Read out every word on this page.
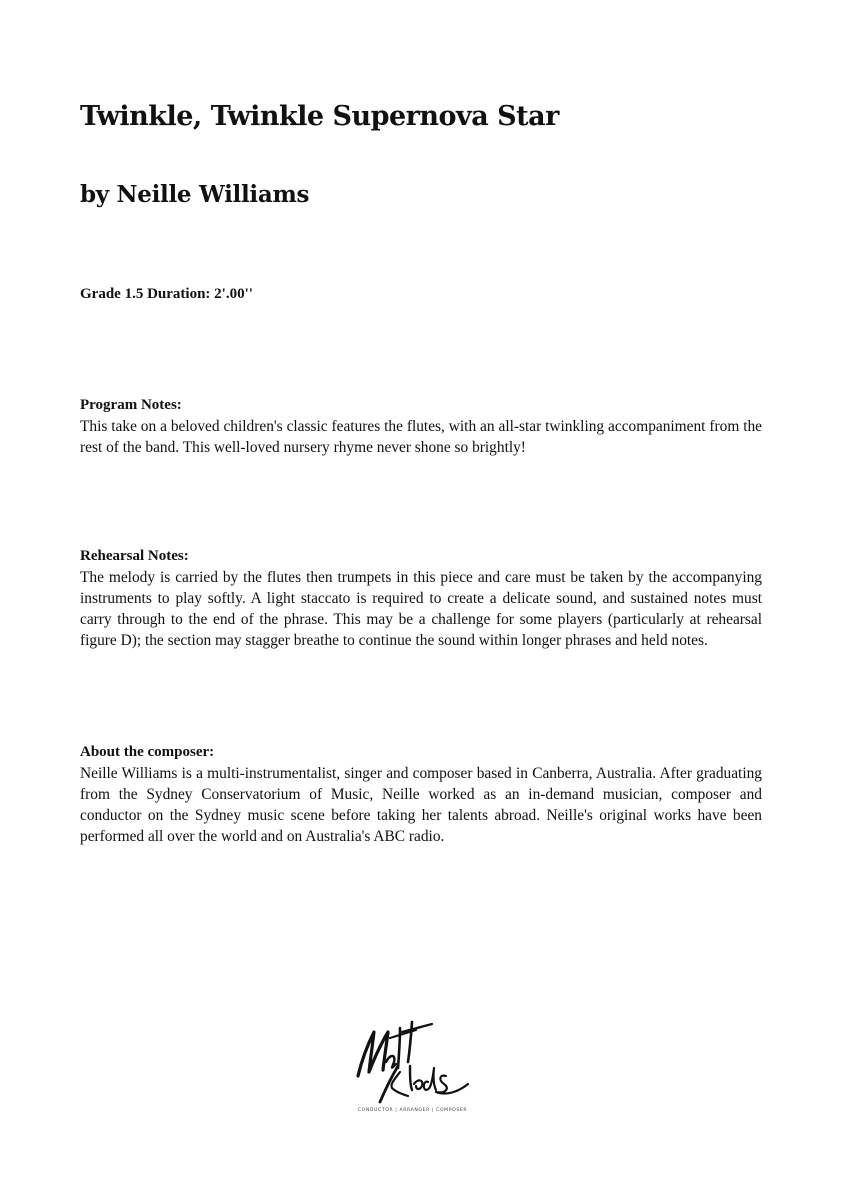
Twinkle, Twinkle Supernova Star
by Neille Williams
Grade 1.5 Duration: 2'.00''
Program Notes:

This take on a beloved children's classic features the flutes, with an all-star twinkling accompaniment from the rest of the band. This well-loved nursery rhyme never shone so brightly!

Rehearsal Notes:

The melody is carried by the flutes then trumpets in this piece and care must be taken by the accompanying instruments to play softly. A light staccato is required to create a delicate sound, and sustained notes must carry through to the end of the phrase. This may be a challenge for some players (particularly at rehearsal figure D); the section may stagger breathe to continue the sound within longer phrases and held notes.

About the composer:

Neille Williams is a multi-instrumentalist, singer and composer based in Canberra, Australia. After graduating from the Sydney Conservatorium of Music, Neille worked as an in-demand musician, composer and conductor on the Sydney music scene before taking her talents abroad. Neille's original works have been performed all over the world and on Australia's ABC radio.

CONDUCTOR | ARRANGER | COMPOSER
